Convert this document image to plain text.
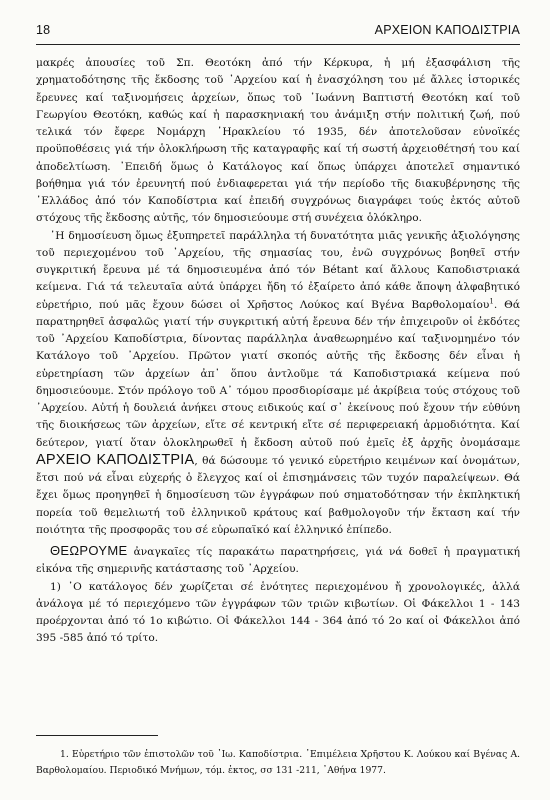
18	ΑΡΧΕΙΟΝ ΚΑΠΟΔΙΣΤΡΙΑ

μακρές ἀπουσίες τοῦ Σπ. Θεοτόκη ἀπό τήν Κέρκυρα, ἡ μή ἐξασφάλιση τῆς χρηματοδότησης τῆς ἔκδοσης τοῦ ᾿Αρχείου καί ἡ ἐνασχόληση του μέ ἄλλες ἱστορικές ἔρευνες καί ταξινομήσεις ἀρχείων, ὅπως τοῦ ᾿Ιωάννη Βαπτιστή Θεοτόκη καί τοῦ Γεωργίου Θεοτόκη, καθώς καί ἡ παρασκηνιακή του ἀνάμιξη στήν πολιτική ζωή, πού τελικά τόν ἔφερε Νομάρχη ῾Ηρακλείου τό 1935, δέν ἀποτελοῦσαν εὐνοϊκές προϋποθέσεις γιά τήν ὁλοκλήρωση τῆς καταγραφῆς καί τή σωστή ἀρχειοθέτησή του καί ἀποδελτίωση. ᾿Επειδή ὅμως ὁ Κατάλογος καί ὅπως ὑπάρχει ἀποτελεῖ σημαντικό βοήθημα γιά τόν ἐρευνητή πού ἐνδιαφερεται γιά τήν περίοδο τῆς διακυβέρνησης τῆς ῾Ελλάδος ἀπό τόν Καποδίστρια καί ἐπειδή συγχρόνως διαγράφει τούς ἐκτός αὐτοῦ στόχους τῆς ἔκδοσης αὐτῆς, τόν δημοσιεύουμε στή συνέχεια ὁλόκληρο.

῾Η δημοσίευση ὅμως ἐξυπηρετεῖ παράλληλα τή δυνατότητα μιᾶς γενικῆς ἀξιολόγησης τοῦ περιεχομένου τοῦ ᾿Αρχείου, τῆς σημασίας του, ἐνῶ συγχρόνως βοηθεῖ στήν συγκριτική ἔρευνα μέ τά δημοσιευμένα ἀπό τόν Bétant καί ἄλλους Καποδιστριακά κείμενα. Γιά τά τελευταῖα αὐτά ὑπάρχει ἤδη τό ἐξαίρετο ἀπό κάθε ἄποψη ἀλφαβητικό εὑρετήριο, πού μᾶς ἔχουν δώσει οἱ Χρῆστος Λούκος καί Βγένα Βαρθολομαίου$^1$. Θά παρατηρηθεῖ ἀσφαλῶς γιατί τήν συγκριτική αὐτή ἔρευνα δέν τήν ἐπιχειροῦν οἱ ἐκδότες τοῦ ᾿Αρχείου Καποδίστρια, δίνοντας παράλληλα ἀναθεωρημένο καί ταξινομημένο τόν Κατάλογο τοῦ ᾿Αρχείου. Πρῶτον γιατί σκοπός αὐτῆς τῆς ἔκδοσης δέν εἶναι ἡ εὑρετηρίαση τῶν ἀρχείων ἀπ᾿ ὅπου ἀντλοῦμε τά Καποδιστριακά κείμενα πού δημοσιεύουμε. Στόν πρόλογο τοῦ Α᾿ τόμου προσδιορίσαμε μέ ἀκρίβεια τούς στόχους τοῦ ᾿Αρχείου. Αὐτή ἡ δουλειά ἀνήκει στους ειδικούς καί σ᾿ ἐκείνους πού ἔχουν τήν εὐθύνη τῆς διοικήσεως τῶν ἀρχείων, εἴτε σέ κεντρική εἴτε σέ περιφερειακή ἁρμοδιότητα. Καί δεύτερον, γιατί ὅταν ὁλοκληρωθεῖ ἡ ἔκδοση αὐτοῦ πού ἐμεῖς ἐξ ἀρχῆς ὀνομάσαμε ΑΡΧΕΙΟ ΚΑΠΟΔΙΣΤΡΙΑ, θά δώσουμε τό γενικό εὑρετήριο κειμένων καί ὀνομάτων, ἔτσι πού νά εἶναι εὐχερής ὁ ἔλεγχος καί οἱ ἐπισημάνσεις τῶν τυχόν παραλείψεων. Θά ἔχει ὅμως προηγηθεῖ ἡ δημοσίευση τῶν ἐγγράφων πού σηματοδότησαν τήν ἐκπληκτική πορεία τοῦ θεμελιωτή τοῦ ἑλληνικοῦ κράτους καί βαθμολογοῦν τήν ἔκταση καί τήν ποιότητα τῆς προσφορᾶς του σέ εὐρωπαϊκό καί ἑλληνικό ἐπίπεδο.

ΘΕΩΡΟΥΜΕ ἀναγκαῖες τίς παρακάτω παρατηρήσεις, γιά νά δοθεῖ ἡ πραγματική εἰκόνα τῆς σημερινῆς κατάστασης τοῦ ᾿Αρχείου.

1) ᾿Ο κατάλογος δέν χωρίζεται σέ ἑνότητες περιεχομένου ἤ χρονολογικές, ἀλλά ἀνάλογα μέ τό περιεχόμενο τῶν ἐγγράφων τῶν τριῶν κιβωτίων. Οἱ Φάκελλοι 1 - 143 προέρχονται ἀπό τό 1ο κιβώτιο. Οἱ Φάκελλοι 144 - 364 ἀπό τό 2ο καί οἱ Φάκελλοι ἀπό 395 -585 ἀπό τό τρίτο.

1. Εὑρετήριο τῶν ἐπιστολῶν τοῦ ᾿Ιω. Καποδίστρια. ᾿Επιμέλεια Χρῆστου Κ. Λούκου καί Βγένας Α. Βαρθολομαίου. Περιοδικό Μνήμων, τόμ. ἐκτος, σσ 131 -211, ᾿Αθήνα 1977.
